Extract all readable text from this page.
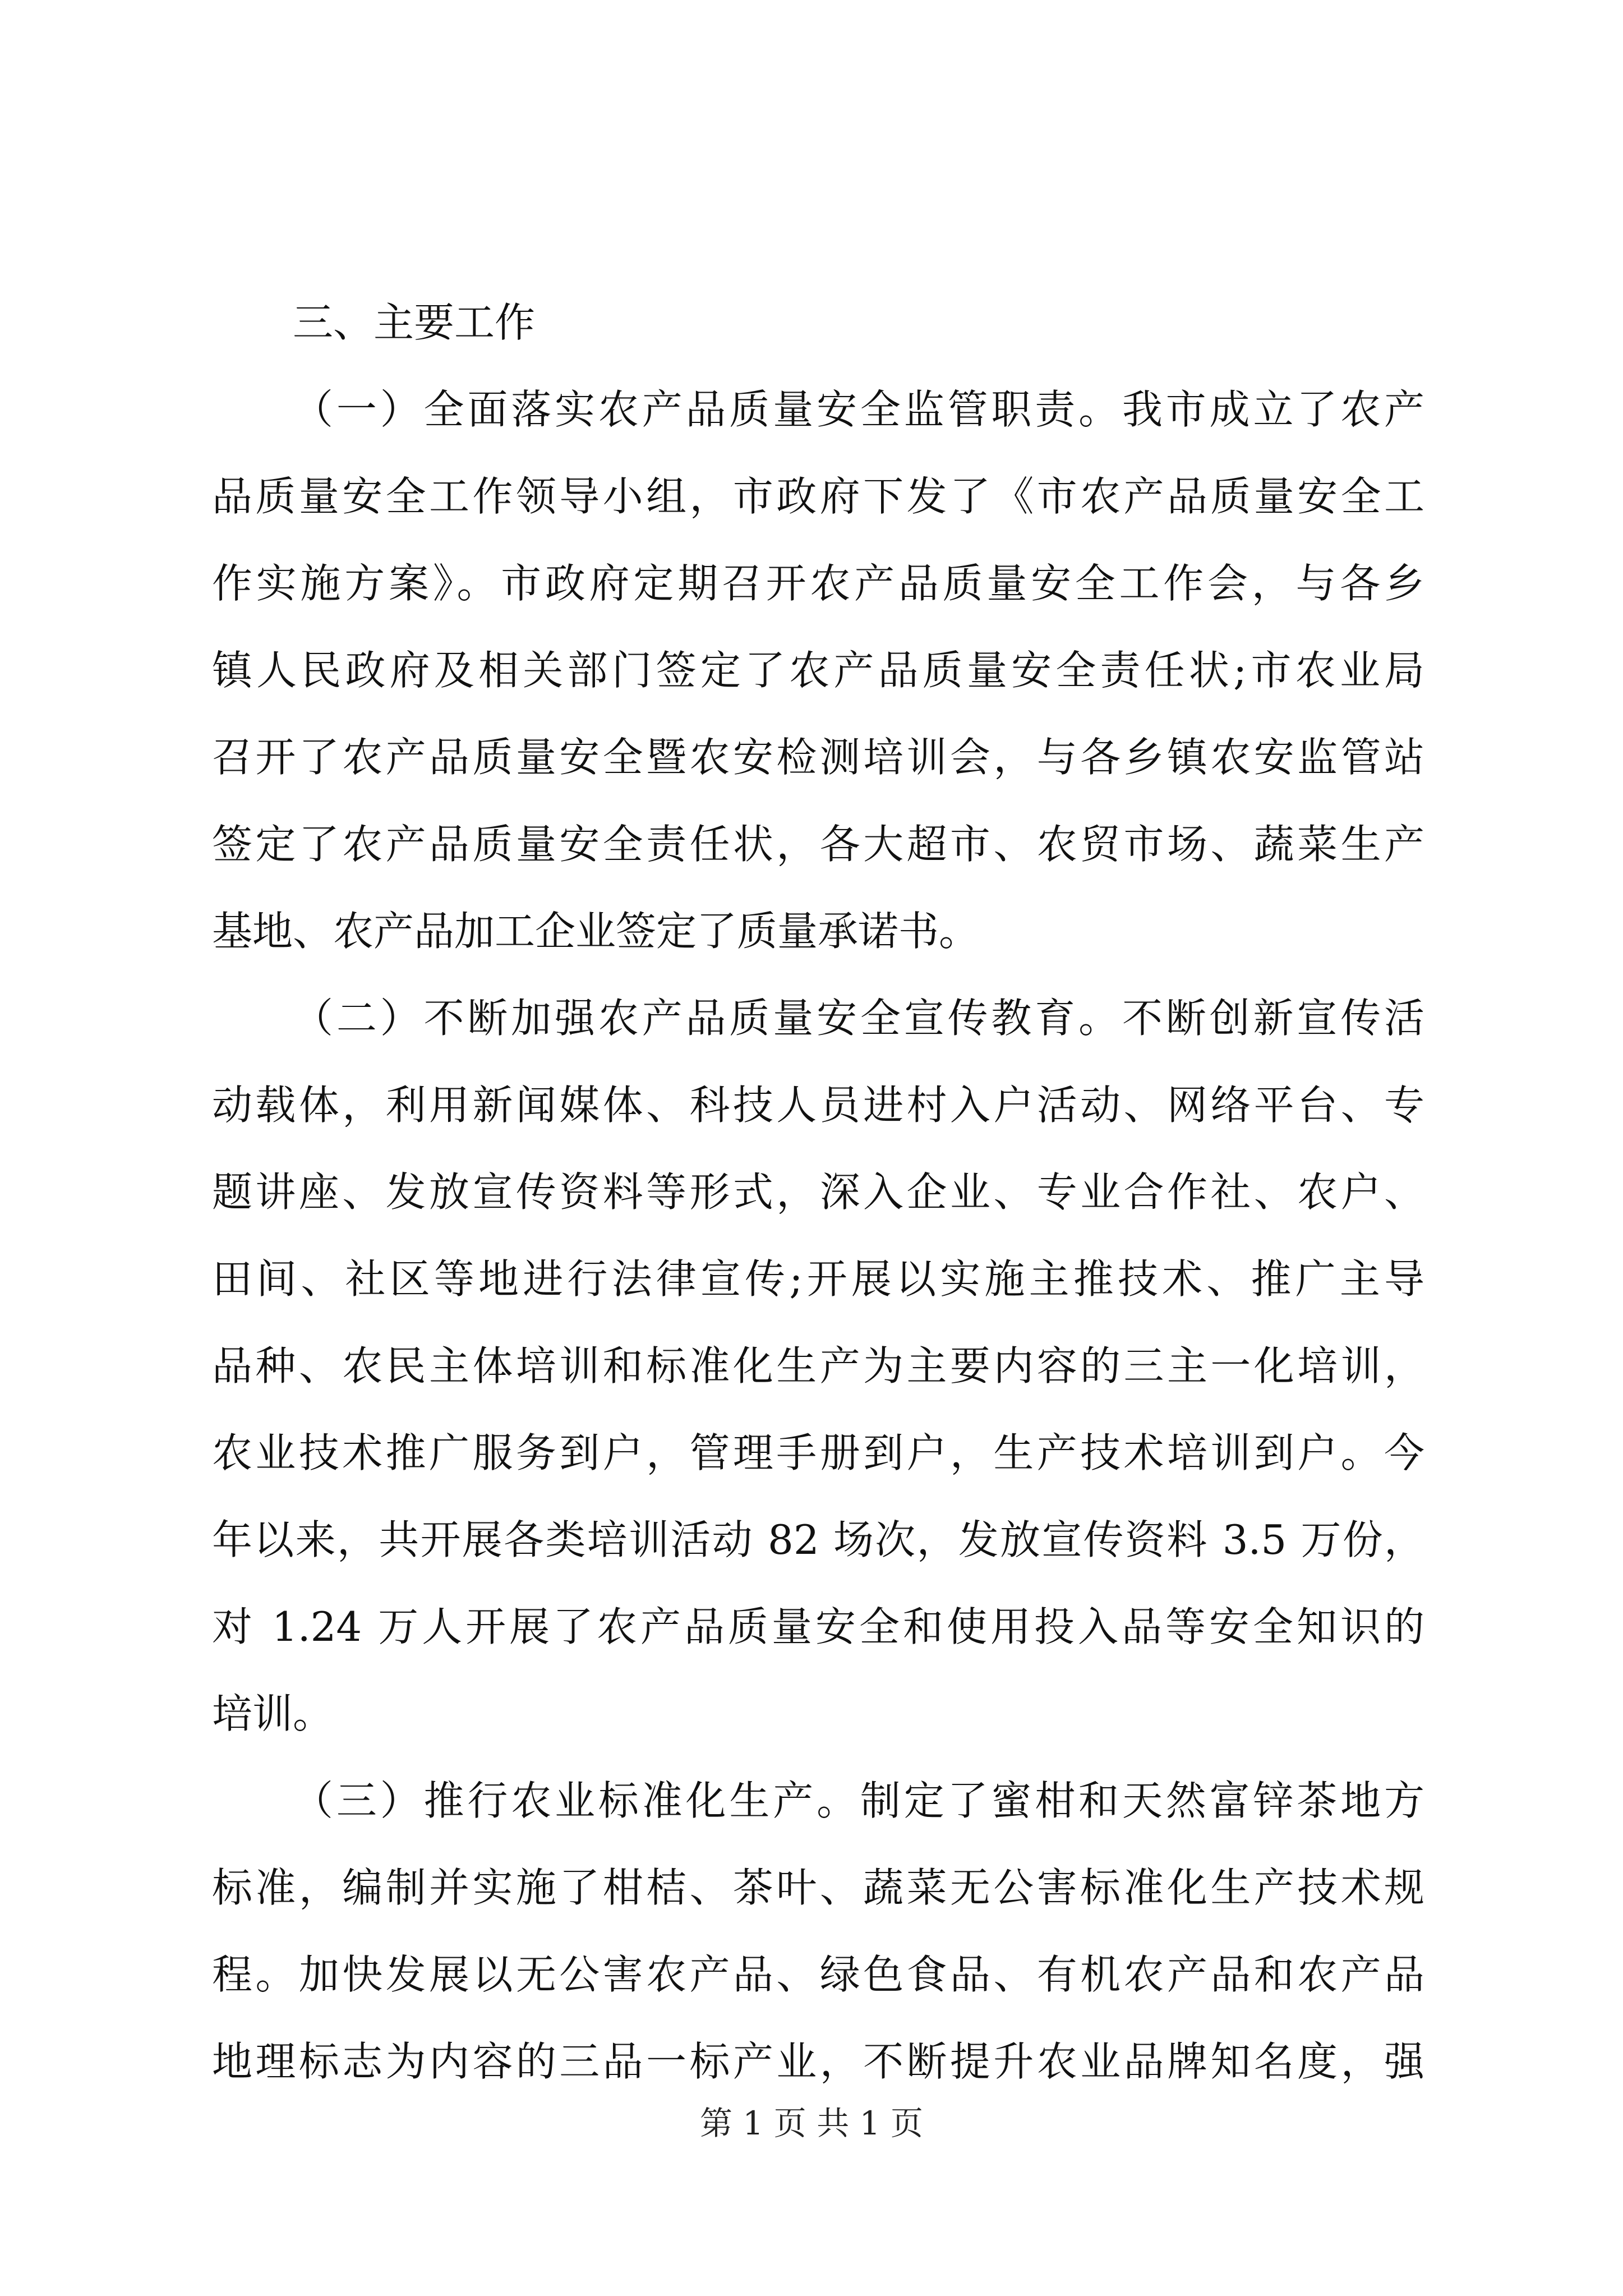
三、主要工作
（一）全面落实农产品质量安全监管职责。我市成立了农产
品质量安全工作领导小组，市政府下发了《市农产品质量安全工
作实施方案》。市政府定期召开农产品质量安全工作会，与各乡
镇人民政府及相关部门签定了农产品质量安全责任状;市农业局
召开了农产品质量安全暨农安检测培训会，与各乡镇农安监管站
签定了农产品质量安全责任状，各大超市、农贸市场、蔬菜生产
基地、农产品加工企业签定了质量承诺书。
（二）不断加强农产品质量安全宣传教育。不断创新宣传活
动载体，利用新闻媒体、科技人员进村入户活动、网络平台、专
题讲座、发放宣传资料等形式，深入企业、专业合作社、农户、
田间、社区等地进行法律宣传;开展以实施主推技术、推广主导
品种、农民主体培训和标准化生产为主要内容的三主一化培训，
农业技术推广服务到户，管理手册到户，生产技术培训到户。今
年以来，共开展各类培训活动 82 场次，发放宣传资料 3.5 万份，
对 1.24 万人开展了农产品质量安全和使用投入品等安全知识的
培训。
（三）推行农业标准化生产。制定了蜜柑和天然富锌茶地方
标准，编制并实施了柑桔、茶叶、蔬菜无公害标准化生产技术规
程。加快发展以无公害农产品、绿色食品、有机农产品和农产品
地理标志为内容的三品一标产业，不断提升农业品牌知名度，强
第 1 页 共 1 页
